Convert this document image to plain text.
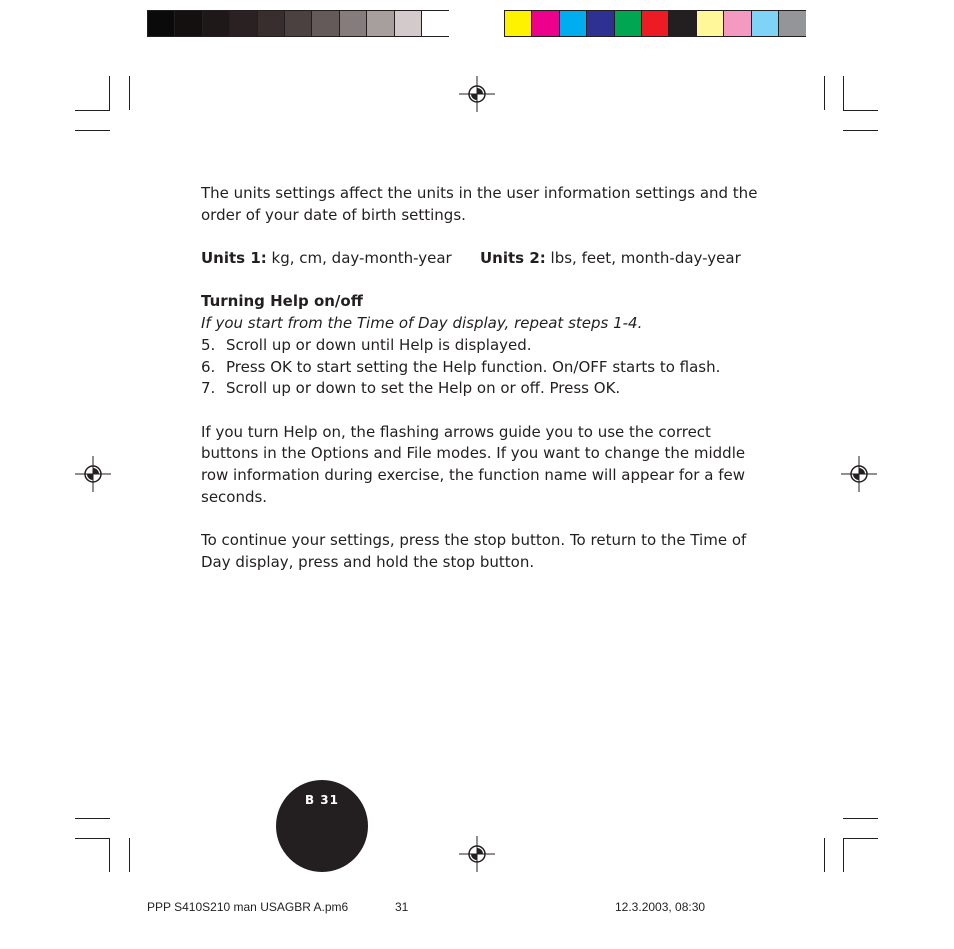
The units settings affect the units in the user information settings and the
order of your date of birth settings.

Units 1: kg, cm, day-month-year	Units 2: lbs, feet, month-day-year

Turning Help on/off

If you start from the Time of Day display, repeat steps 1-4.

5. Scroll up or down until Help is displayed.
6. Press OK to start setting the Help function. On/OFF starts to flash.
7. Scroll up or down to set the Help on or off. Press OK.

If you turn Help on, the flashing arrows guide you to use the correct
buttons in the Options and File modes. If you want to change the middle
row information during exercise, the function name will appear for a few
seconds.

To continue your settings, press the stop button. To return to the Time of
Day display, press and hold the stop button.

B 31
PPP S410S210 man USAGBR A.pm6	31	12.3.2003, 08:30
